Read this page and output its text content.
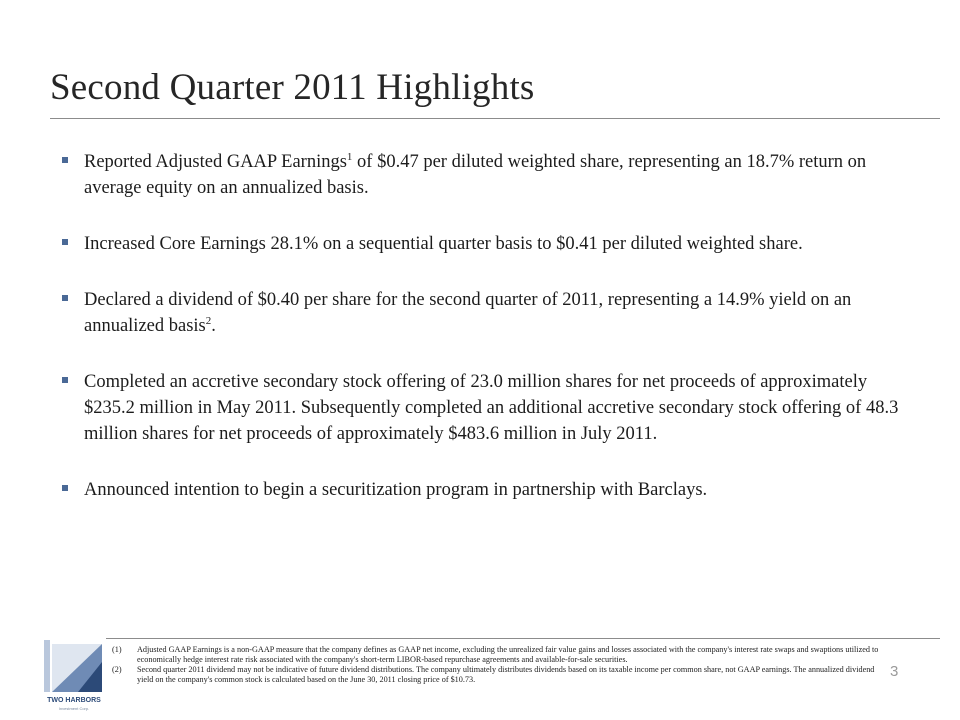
Second Quarter 2011 Highlights
Reported Adjusted GAAP Earnings$^1$ of $0.47 per diluted weighted share, representing an 18.7% return on average equity on an annualized basis.
Increased Core Earnings 28.1% on a sequential quarter basis to $0.41 per diluted weighted share.
Declared a dividend of $0.40 per share for the second quarter of 2011, representing a 14.9% yield on an annualized basis$^2$.
Completed an accretive secondary stock offering of 23.0 million shares for net proceeds of approximately $235.2 million in May 2011. Subsequently completed an additional accretive secondary stock offering of 48.3 million shares for net proceeds of approximately $483.6 million in July 2011.
Announced intention to begin a securitization program in partnership with Barclays.
TWO HARBORS
Investment Corp.
(1) Adjusted GAAP Earnings is a non-GAAP measure that the company defines as GAAP net income, excluding the unrealized fair value gains and losses associated with the company's interest rate swaps and swaptions utilized to economically hedge interest rate risk associated with the company's short-term LIBOR-based repurchase agreements and available-for-sale securities.
(2) Second quarter 2011 dividend may not be indicative of future dividend distributions. The company ultimately distributes dividends based on its taxable income per common share, not GAAP earnings. The annualized dividend yield on the company's common stock is calculated based on the June 30, 2011 closing price of $10.73.	3
